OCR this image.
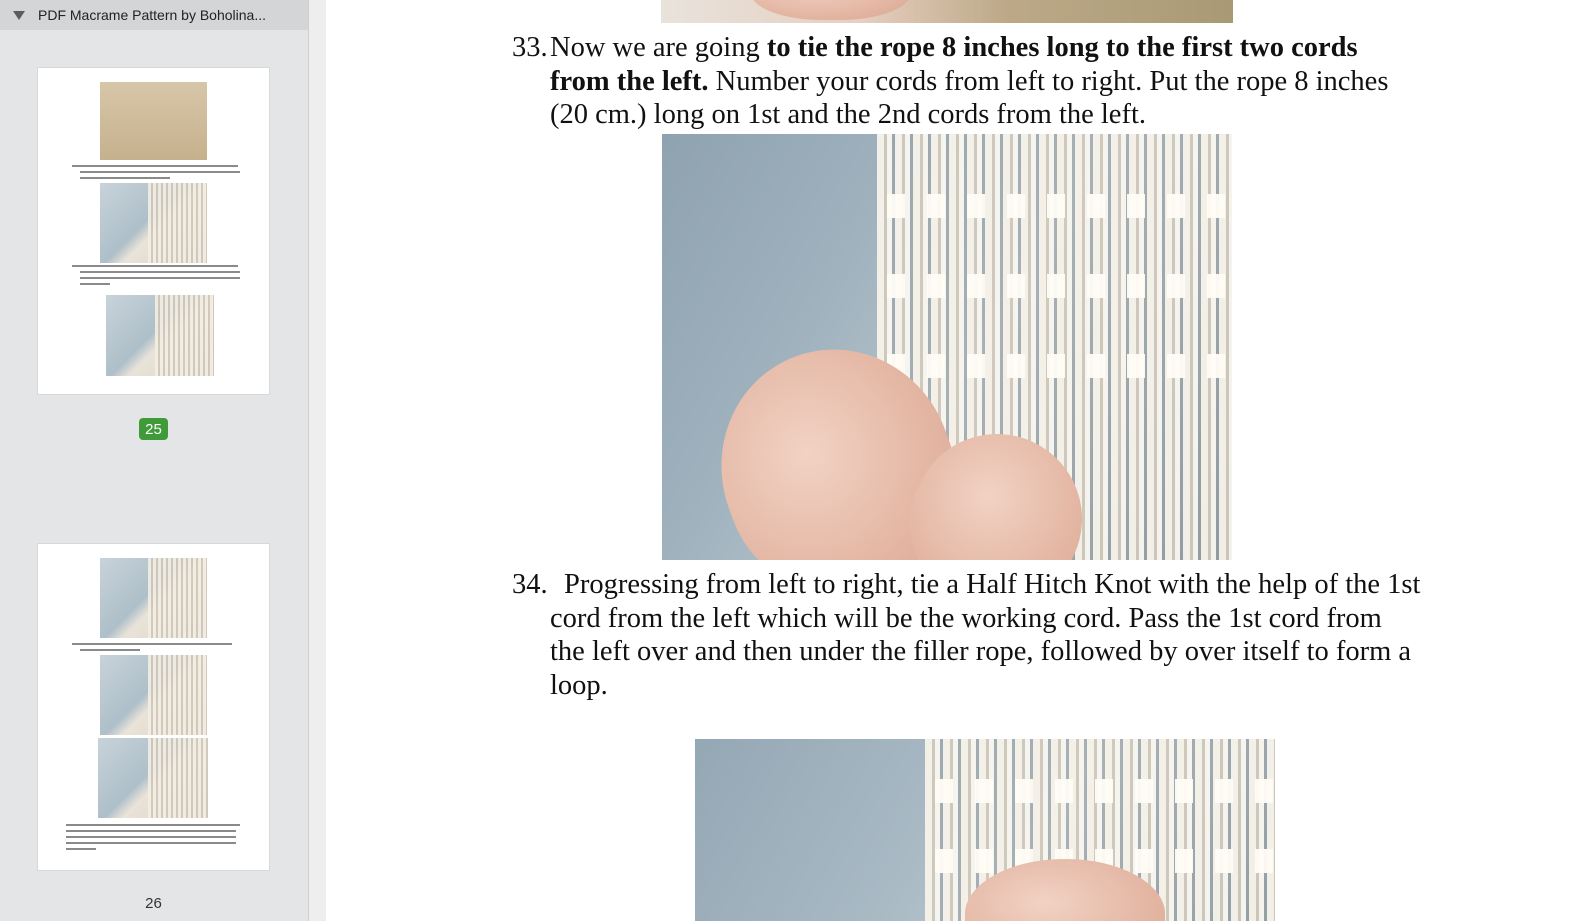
PDF Macrame Pattern by Boholina...
25
26
33. Now we are going to tie the rope 8 inches long to the first two cords from the left. Number your cords from left to right. Put the rope 8 inches (20 cm.) long on 1st and the 2nd cords from the left.
34. Progressing from left to right, tie a Half Hitch Knot with the help of the 1st cord from the left which will be the working cord. Pass the 1st cord from the left over and then under the filler rope, followed by over itself to form a loop.
